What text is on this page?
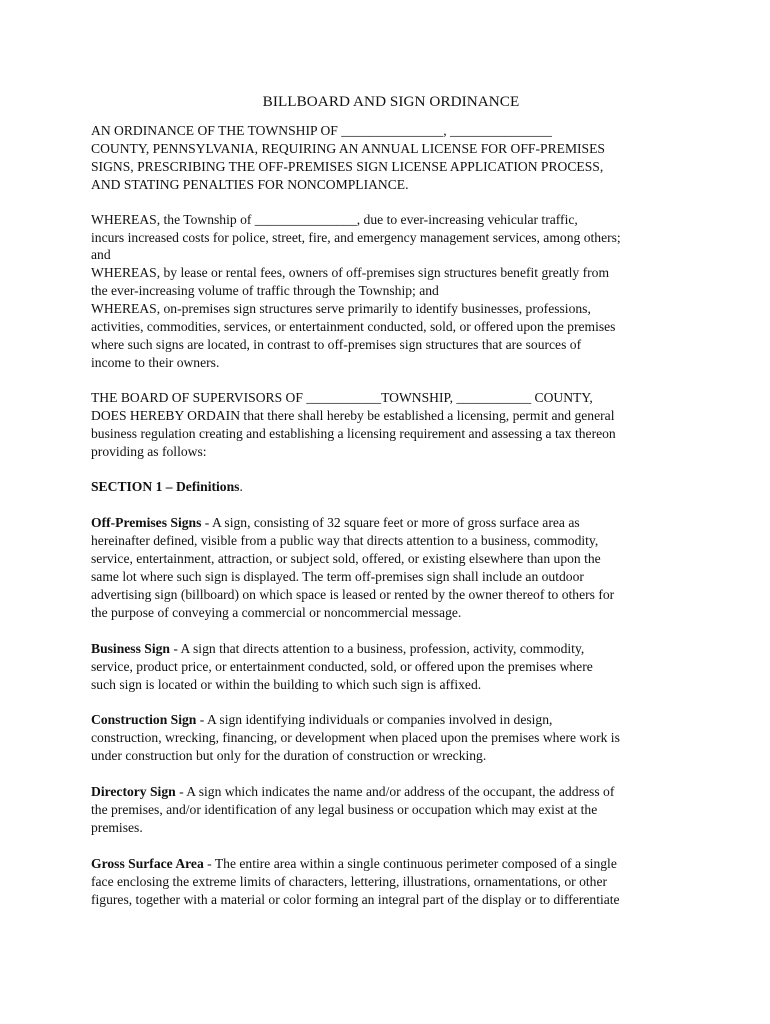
BILLBOARD AND SIGN ORDINANCE

AN ORDINANCE OF THE TOWNSHIP OF _______________, _______________
COUNTY, PENNSYLVANIA, REQUIRING AN ANNUAL LICENSE FOR OFF-PREMISES
SIGNS, PRESCRIBING THE OFF-PREMISES SIGN LICENSE APPLICATION PROCESS,
AND STATING PENALTIES FOR NONCOMPLIANCE.

WHEREAS, the Township of _______________, due to ever-increasing vehicular traffic,
incurs increased costs for police, street, fire, and emergency management services, among others;
and
WHEREAS, by lease or rental fees, owners of off-premises sign structures benefit greatly from
the ever-increasing volume of traffic through the Township; and
WHEREAS, on-premises sign structures serve primarily to identify businesses, professions,
activities, commodities, services, or entertainment conducted, sold, or offered upon the premises
where such signs are located, in contrast to off-premises sign structures that are sources of
income to their owners.

THE BOARD OF SUPERVISORS OF ___________TOWNSHIP, ___________ COUNTY,
DOES HEREBY ORDAIN that there shall hereby be established a licensing, permit and general
business regulation creating and establishing a licensing requirement and assessing a tax thereon
providing as follows:

SECTION 1 – Definitions.

Off-Premises Signs - A sign, consisting of 32 square feet or more of gross surface area as
hereinafter defined, visible from a public way that directs attention to a business, commodity,
service, entertainment, attraction, or subject sold, offered, or existing elsewhere than upon the
same lot where such sign is displayed. The term off-premises sign shall include an outdoor
advertising sign (billboard) on which space is leased or rented by the owner thereof to others for
the purpose of conveying a commercial or noncommercial message.

Business Sign - A sign that directs attention to a business, profession, activity, commodity,
service, product price, or entertainment conducted, sold, or offered upon the premises where
such sign is located or within the building to which such sign is affixed.

Construction Sign - A sign identifying individuals or companies involved in design,
construction, wrecking, financing, or development when placed upon the premises where work is
under construction but only for the duration of construction or wrecking.

Directory Sign - A sign which indicates the name and/or address of the occupant, the address of
the premises, and/or identification of any legal business or occupation which may exist at the
premises.

Gross Surface Area - The entire area within a single continuous perimeter composed of a single
face enclosing the extreme limits of characters, lettering, illustrations, ornamentations, or other
figures, together with a material or color forming an integral part of the display or to differentiate
